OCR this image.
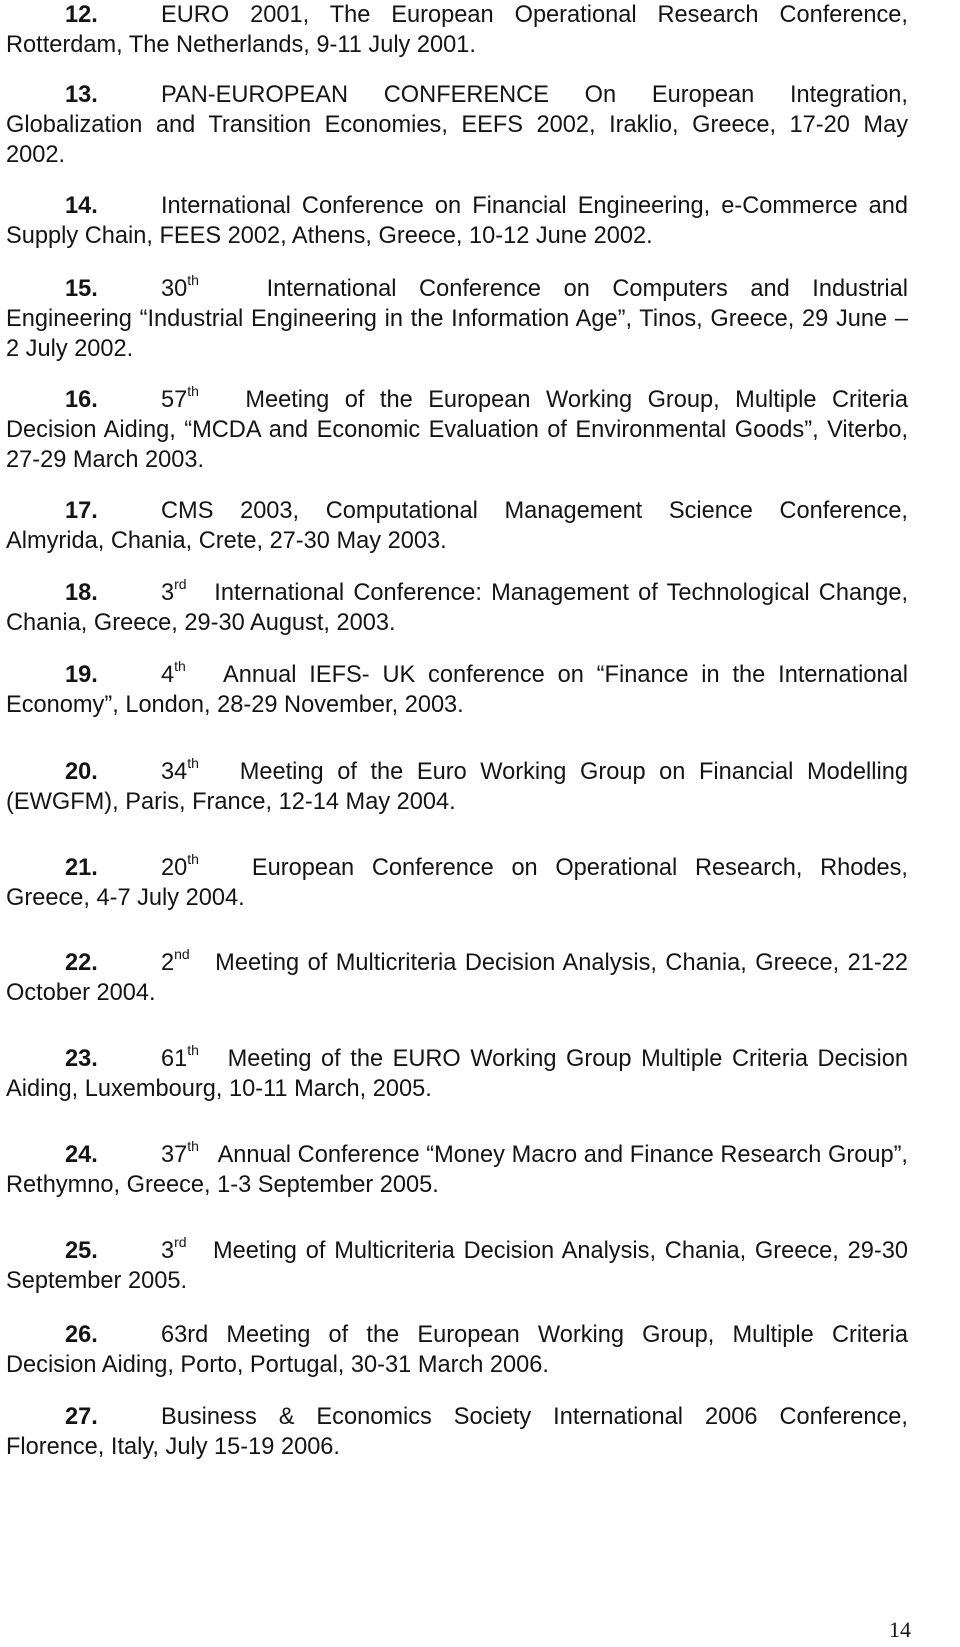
12.	EURO 2001, The European Operational Research Conference, Rotterdam, The Netherlands, 9-11 July 2001.

13.	PAN-EUROPEAN CONFERENCE On European Integration, Globalization and Transition Economies, EEFS 2002, Iraklio, Greece, 17-20 May 2002.

14.	International Conference on Financial Engineering, e-Commerce and Supply Chain, FEES 2002, Athens, Greece, 10-12 June 2002.

15.	30th	International Conference on Computers and Industrial Engineering “Industrial Engineering in the Information Age”, Tinos, Greece, 29 June – 2 July 2002.

16.	57th Meeting of the European Working Group, Multiple Criteria Decision Aiding, “MCDA and Economic Evaluation of Environmental Goods”, Viterbo, 27-29 March 2003.

17.	CMS 2003, Computational Management Science Conference, Almyrida, Chania, Crete, 27-30 May 2003.

18.	3rd International Conference: Management of Technological Change, Chania, Greece, 29-30 August, 2003.

19.	4th Annual IEFS- UK conference on “Finance in the International Economy”, London, 28-29 November, 2003.

20.	34th Meeting of the Euro Working Group on Financial Modelling (EWGFM), Paris, France, 12-14 May 2004.

21.	20th European Conference on Operational Research, Rhodes, Greece, 4-7 July 2004.

22.	2nd Meeting of Multicriteria Decision Analysis, Chania, Greece, 21-22 October 2004.

23.	61th Meeting of the EURO Working Group Multiple Criteria Decision Aiding, Luxembourg, 10-11 March, 2005.

24.	37th Annual Conference “Money Macro and Finance Research Group”, Rethymno, Greece, 1-3 September 2005.

25.	3rd Meeting of Multicriteria Decision Analysis, Chania, Greece, 29-30 September 2005.

26.	63rd Meeting of the European Working Group, Multiple Criteria Decision Aiding, Porto, Portugal, 30-31 March 2006.

27.	Business & Economics Society International 2006 Conference, Florence, Italy, July 15-19 2006.

14
